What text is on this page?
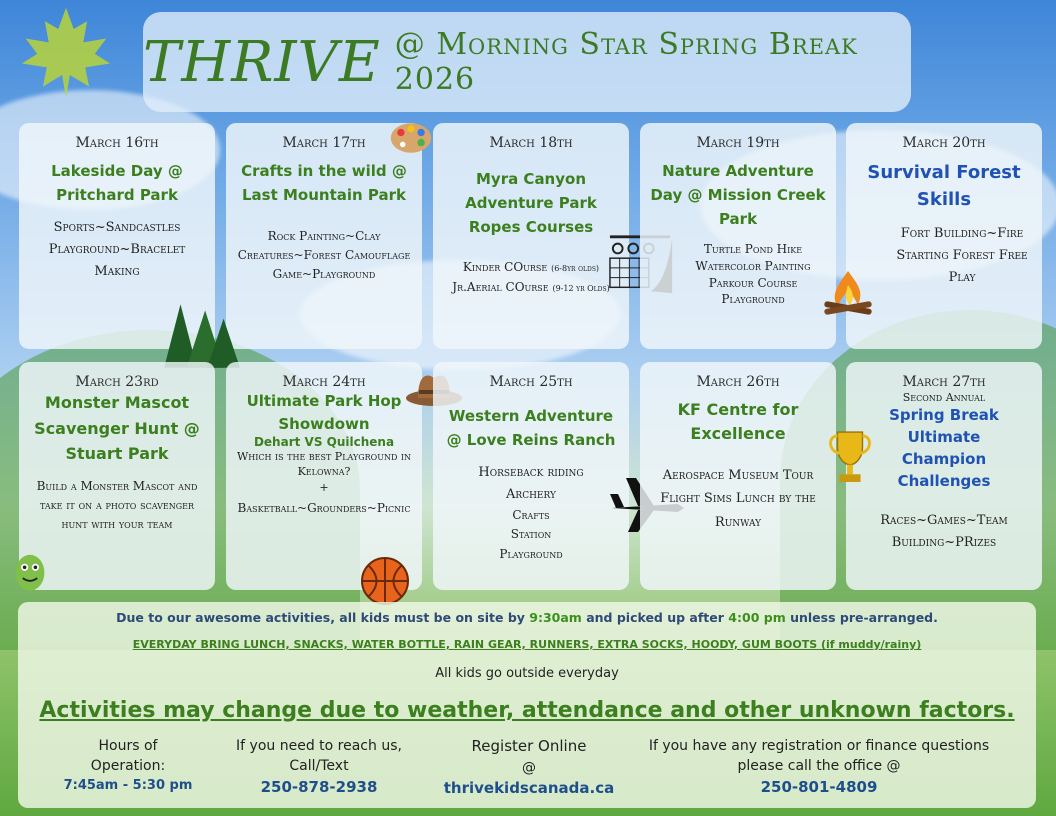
THRIVE @ Morning Star Spring Break 2026
March 16th
Lakeside Day @ Pritchard Park
Sports~Sandcastles Playground~Bracelet Making
March 17th
Crafts in the wild @ Last Mountain Park
Rock Painting~Clay Creatures~Forest Camouflage Game~Playground
March 18th
Myra Canyon Adventure Park Ropes Courses
Kinder COurse (6-8yr olds)
Jr.Aerial COurse (9-12 yr Olds)
March 19th
Nature Adventure Day @ Mission Creek Park
Turtle Pond Hike Watercolor Painting Parkour Course Playground
March 20th
Survival Forest Skills
Fort Building~Fire Starting Forest Free Play
March 23rd
Monster Mascot Scavenger Hunt @ Stuart Park
Build a Monster Mascot and take it on a photo scavenger hunt with your team
March 24th
Ultimate Park Hop Showdown
Dehart VS Quilchena
Which is the best Playground in Kelowna?
+
Basketball~Grounders~Picnic
March 25th
Western Adventure @ Love Reins Ranch
Horseback riding Archery
Crafts Station Playground
March 26th
KF Centre for Excellence
Aerospace Museum Tour Flight Sims Lunch by the Runway
March 27th
Second Annual
Spring Break Ultimate Champion Challenges
Races~Games~Team Building~PRizes
Due to our awesome activities, all kids must be on site by 9:30am and picked up after 4:00 pm unless pre-arranged.
EVERYDAY BRING LUNCH, SNACKS, WATER BOTTLE, RAIN GEAR, RUNNERS, EXTRA SOCKS, HOODY, GUM BOOTS (if muddy/rainy)
All kids go outside everyday
Activities may change due to weather, attendance and other unknown factors.
Hours of Operation:
7:45am - 5:30 pm
If you need to reach us, Call/Text
250-878-2938
Register Online
@
thrivekidscanada.ca
If you have any registration or finance questions please call the office @
250-801-4809
